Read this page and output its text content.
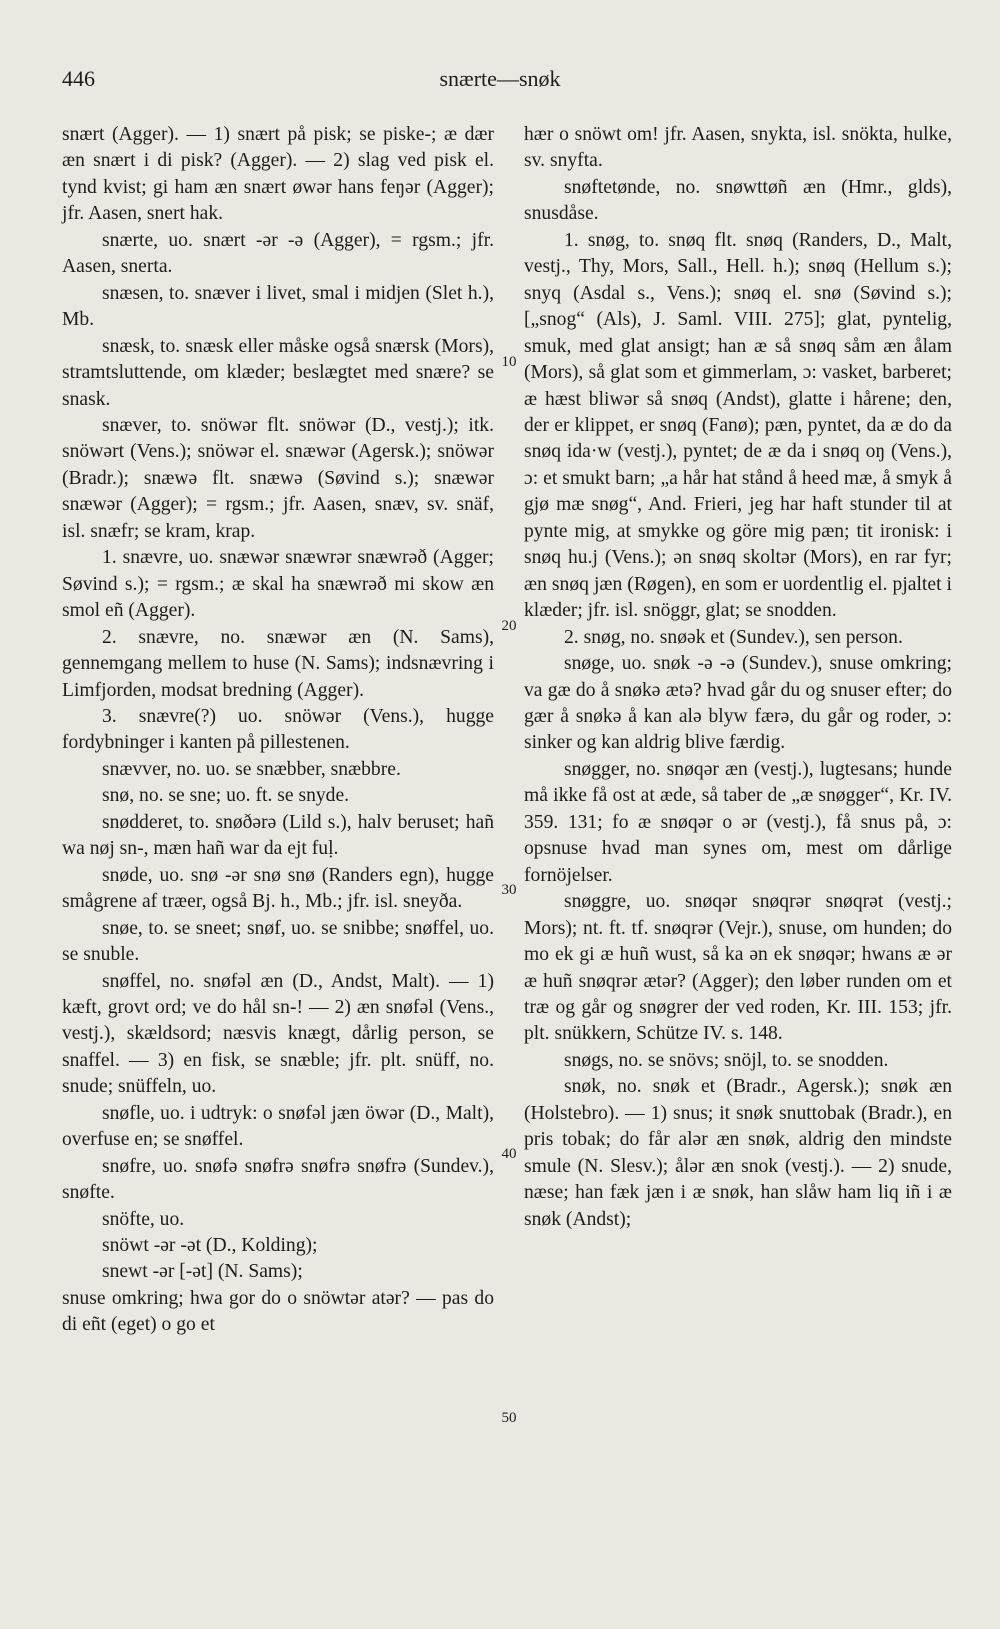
446	snærte—snøk

snært (Agger). — 1) snært på pisk; se piske-; æ dær æn snært i di pisk? (Agger). — 2) slag ved pisk el. tynd kvist; gi ham æn snært øwər hans feŋər (Agger); jfr. Aasen, snert hak.

snærte, uo. snært -ər -ə (Agger), = rgsm.; jfr. Aasen, snerta.

snæsen, to. snæver i livet, smal i midjen (Slet h.), Mb.

snæsk, to. snæsk eller måske også snærsk (Mors), stramtsluttende, om klæder; beslægtet med snære? se snask.

snæver, to. snöwər flt. snöwər (D., vestj.); itk. snöwərt (Vens.); snöwər el. snæwər (Agersk.); snöwər (Bradr.); snæwə flt. snæwə (Søvind s.); snæwər snæwər (Agger); = rgsm.; jfr. Aasen, snæv, sv. snäf, isl. snæfr; se kram, krap.

1. snævre, uo. snæwər snæwrər snæwrəð (Agger; Søvind s.); = rgsm.; æ skal ha snæwrəð mi skow æn smol eñ (Agger).

2. snævre, no. snæwər æn (N. Sams), gennemgang mellem to huse (N. Sams); indsnævring i Limfjorden, modsat bredning (Agger).

3. snævre(?) uo. snöwər (Vens.), hugge fordybninger i kanten på pillestenen.

snævver, no. uo. se snæbber, snæbbre.

snø, no. se sne; uo. ft. se snyde.

snødderet, to. snøðərə (Lild s.), halv beruset; hañ wa nøj sn-, mæn hañ war da ejt fuḷ.

snøde, uo. snø -ər snø snø (Randers egn), hugge smågrene af træer, også Bj. h., Mb.; jfr. isl. sneyða.

snøe, to. se sneet; snøf, uo. se snibbe; snøffel, uo. se snuble.

snøffel, no. snøfəl æn (D., Andst, Malt). — 1) kæft, grovt ord; ve do hål sn-! — 2) æn snøfəl (Vens., vestj.), skældsord; næsvis knægt, dårlig person, se snaffel. — 3) en fisk, se snæble; jfr. plt. snüff, no. snude; snüffeln, uo.

snøfle, uo. i udtryk: o snøfəl jæn öwər (D., Malt), overfuse en; se snøffel.

snøfre, uo. snøfə snøfrə snøfrə snøfrə (Sundev.), snøfte.

snöfte, uo.

snöwt -ər -ət (D., Kolding);

snewt -ər [-ət] (N. Sams);

snuse omkring; hwa gor do o snöwtər atər? — pas do di eñt (eget) o go et

10
20
30
40
50

hær o snöwt om! jfr. Aasen, snykta, isl. snökta, hulke, sv. snyfta.

snøftetønde, no. snøwttøñ æn (Hmr., glds), snusdåse.

1. snøg, to. snøq flt. snøq (Randers, D., Malt, vestj., Thy, Mors, Sall., Hell. h.); snøq (Hellum s.); snyq (Asdal s., Vens.); snøq el. snø (Søvind s.); [„snog“ (Als), J. Saml. VIII. 275]; glat, pyntelig, smuk, med glat ansigt; han æ så snøq såm æn ålam (Mors), så glat som et gimmerlam, ɔ: vasket, barberet; æ hæst bliwər så snøq (Andst), glatte i hårene; den, der er klippet, er snøq (Fanø); pæn, pyntet, da æ do da snøq ida·w (vestj.), pyntet; de æ da i snøq oŋ (Vens.), ɔ: et smukt barn; „a hår hat stånd å heed mæ, å smyk å gjø mæ snøg“, And. Frieri, jeg har haft stunder til at pynte mig, at smykke og göre mig pæn; tit ironisk: i snøq hu.j (Vens.); ən snøq skoltər (Mors), en rar fyr; æn snøq jæn (Røgen), en som er uordentlig el. pjaltet i klæder; jfr. isl. snöggr, glat; se snodden.

2. snøg, no. snøək et (Sundev.), sen person.

snøge, uo. snøk -ə -ə (Sundev.), snuse omkring; va gæ do å snøkə ætə? hvad går du og snuser efter; do gær å snøkə å kan alə blyw færə, du går og roder, ɔ: sinker og kan aldrig blive færdig.

snøgger, no. snøqər æn (vestj.), lugtesans; hunde må ikke få ost at æde, så taber de „æ snøgger“, Kr. IV. 359. 131; fo æ snøqər o ər (vestj.), få snus på, ɔ: opsnuse hvad man synes om, mest om dårlige fornöjelser.

snøggre, uo. snøqər snøqrər snøqrət (vestj.; Mors); nt. ft. tf. snøqrər (Vejr.), snuse, om hunden; do mo ek gi æ huñ wust, så ka ən ek snøqər; hwans æ ər æ huñ snøqrər ætər? (Agger); den løber runden om et træ og går og snøgrer der ved roden, Kr. III. 153; jfr. plt. snükkern, Schütze IV. s. 148.

snøgs, no. se snövs; snöjl, to. se snodden.

snøk, no. snøk et (Bradr., Agersk.); snøk æn (Holstebro). — 1) snus; it snøk snuttobak (Bradr.), en pris tobak; do får alər æn snøk, aldrig den mindste smule (N. Slesv.); ålər æn snok (vestj.). — 2) snude, næse; han fæk jæn i æ snøk, han slåw ham liq iñ i æ snøk (Andst);
